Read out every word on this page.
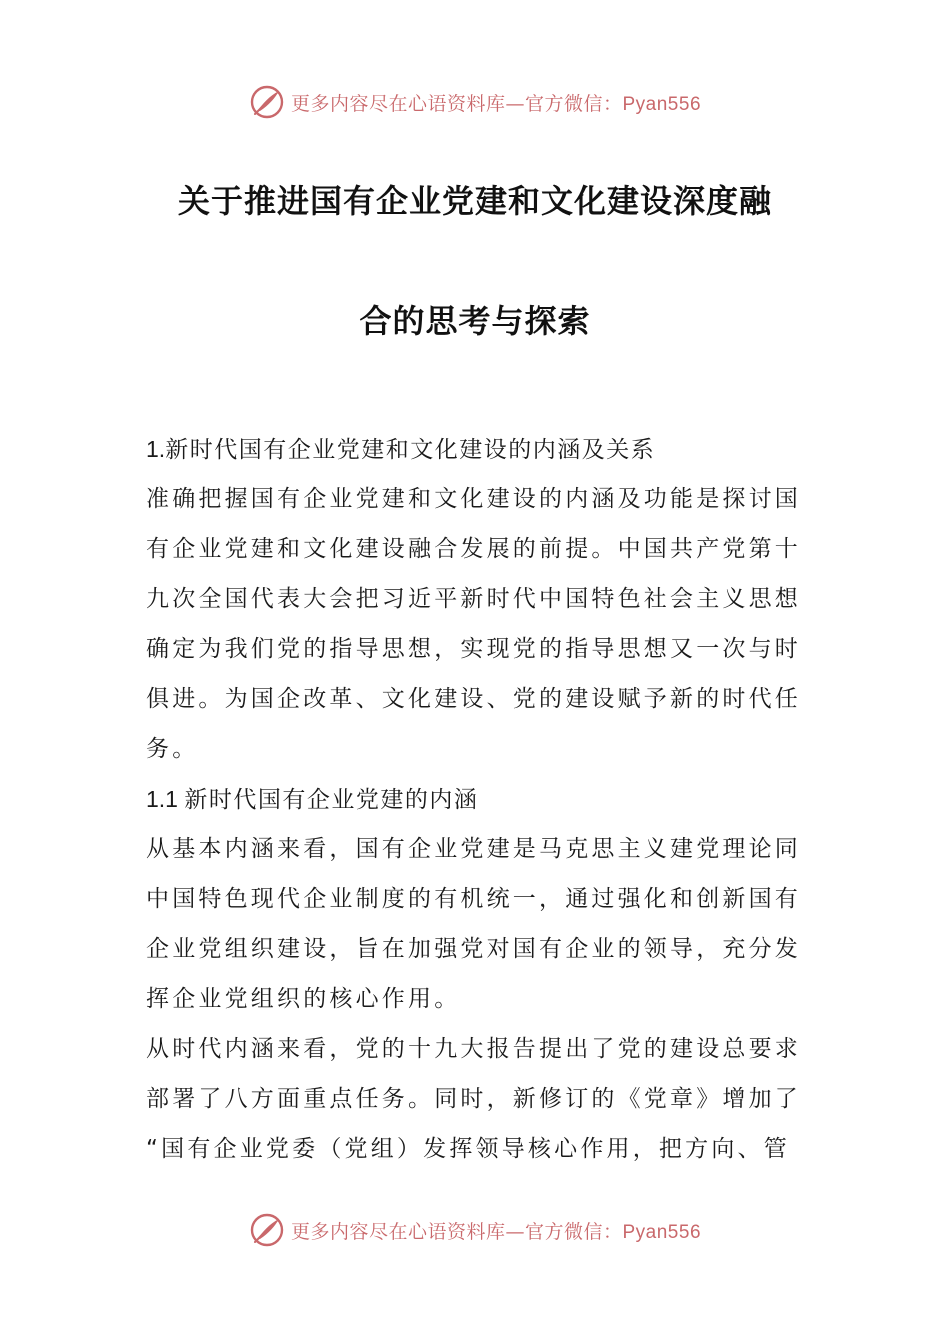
更多内容尽在心语资料库—官方微信：Pyan556
关于推进国有企业党建和文化建设深度融
合的思考与探索
1.新时代国有企业党建和文化建设的内涵及关系
准确把握国有企业党建和文化建设的内涵及功能是探讨国
有企业党建和文化建设融合发展的前提。中国共产党第十
九次全国代表大会把习近平新时代中国特色社会主义思想
确定为我们党的指导思想，实现党的指导思想又一次与时
俱进。为国企改革、文化建设、党的建设赋予新的时代任
务。
1.1 新时代国有企业党建的内涵
从基本内涵来看，国有企业党建是马克思主义建党理论同
中国特色现代企业制度的有机统一，通过强化和创新国有
企业党组织建设，旨在加强党对国有企业的领导，充分发
挥企业党组织的核心作用。
从时代内涵来看，党的十九大报告提出了党的建设总要求
部署了八方面重点任务。同时，新修订的《党章》增加了
“国有企业党委（党组）发挥领导核心作用，把方向、管
更多内容尽在心语资料库—官方微信：Pyan556
